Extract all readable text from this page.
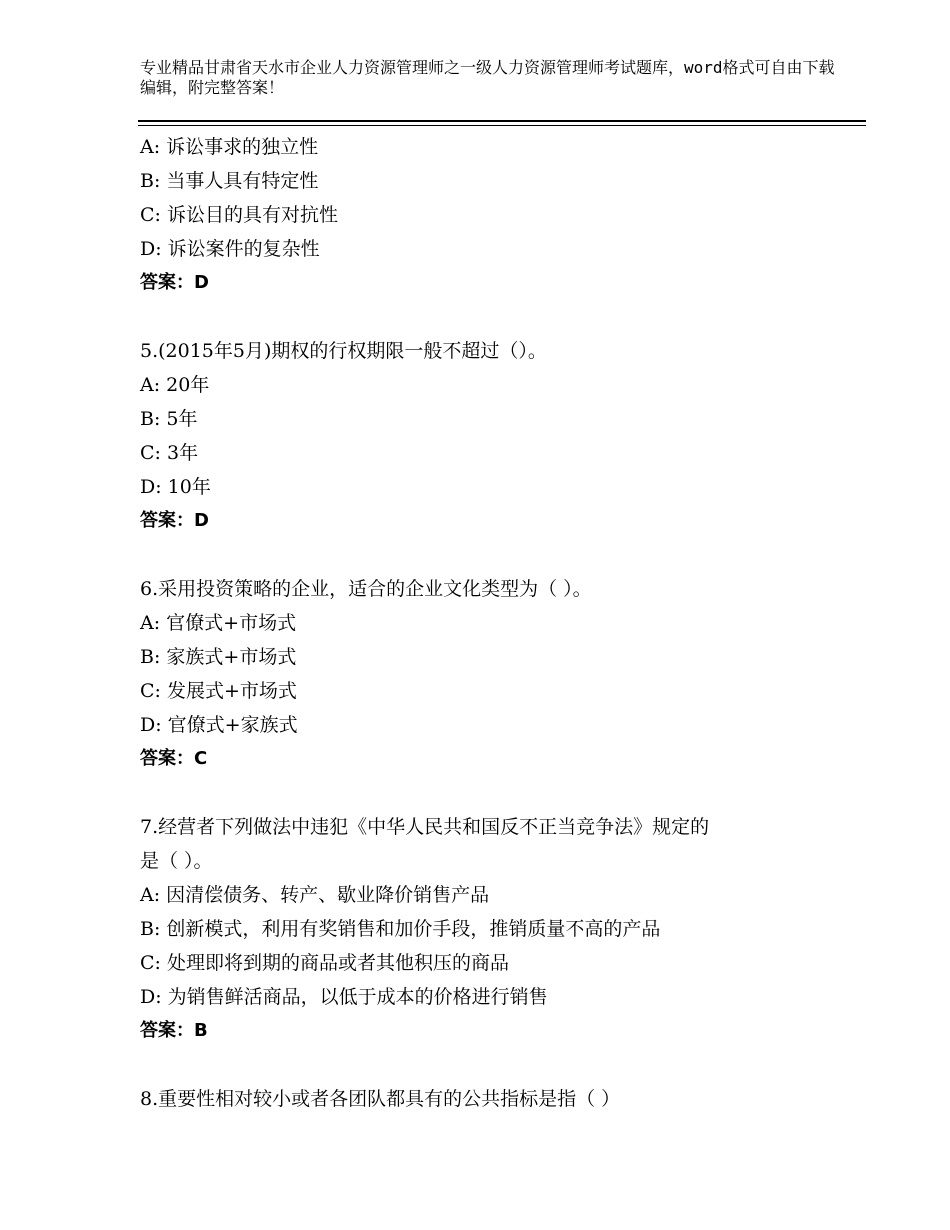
专业精品甘肃省天水市企业人力资源管理师之一级人力资源管理师考试题库，word格式可自由下载编辑，附完整答案！
A: 诉讼事求的独立性
B: 当事人具有特定性
C: 诉讼目的具有对抗性
D: 诉讼案件的复杂性
答案：D
5.(2015年5月)期权的行权期限一般不超过（）。
A: 20年
B: 5年
C: 3年
D: 10年
答案：D
6.采用投资策略的企业，适合的企业文化类型为（ ）。
A: 官僚式+市场式
B: 家族式+市场式
C: 发展式+市场式
D: 官僚式+家族式
答案：C
7.经营者下列做法中违犯《中华人民共和国反不正当竞争法》规定的
是（ ）。
A: 因清偿债务、转产、歇业降价销售产品
B: 创新模式，利用有奖销售和加价手段，推销质量不高的产品
C: 处理即将到期的商品或者其他积压的商品
D: 为销售鲜活商品，以低于成本的价格进行销售
答案：B
8.重要性相对较小或者各团队都具有的公共指标是指（ ）
